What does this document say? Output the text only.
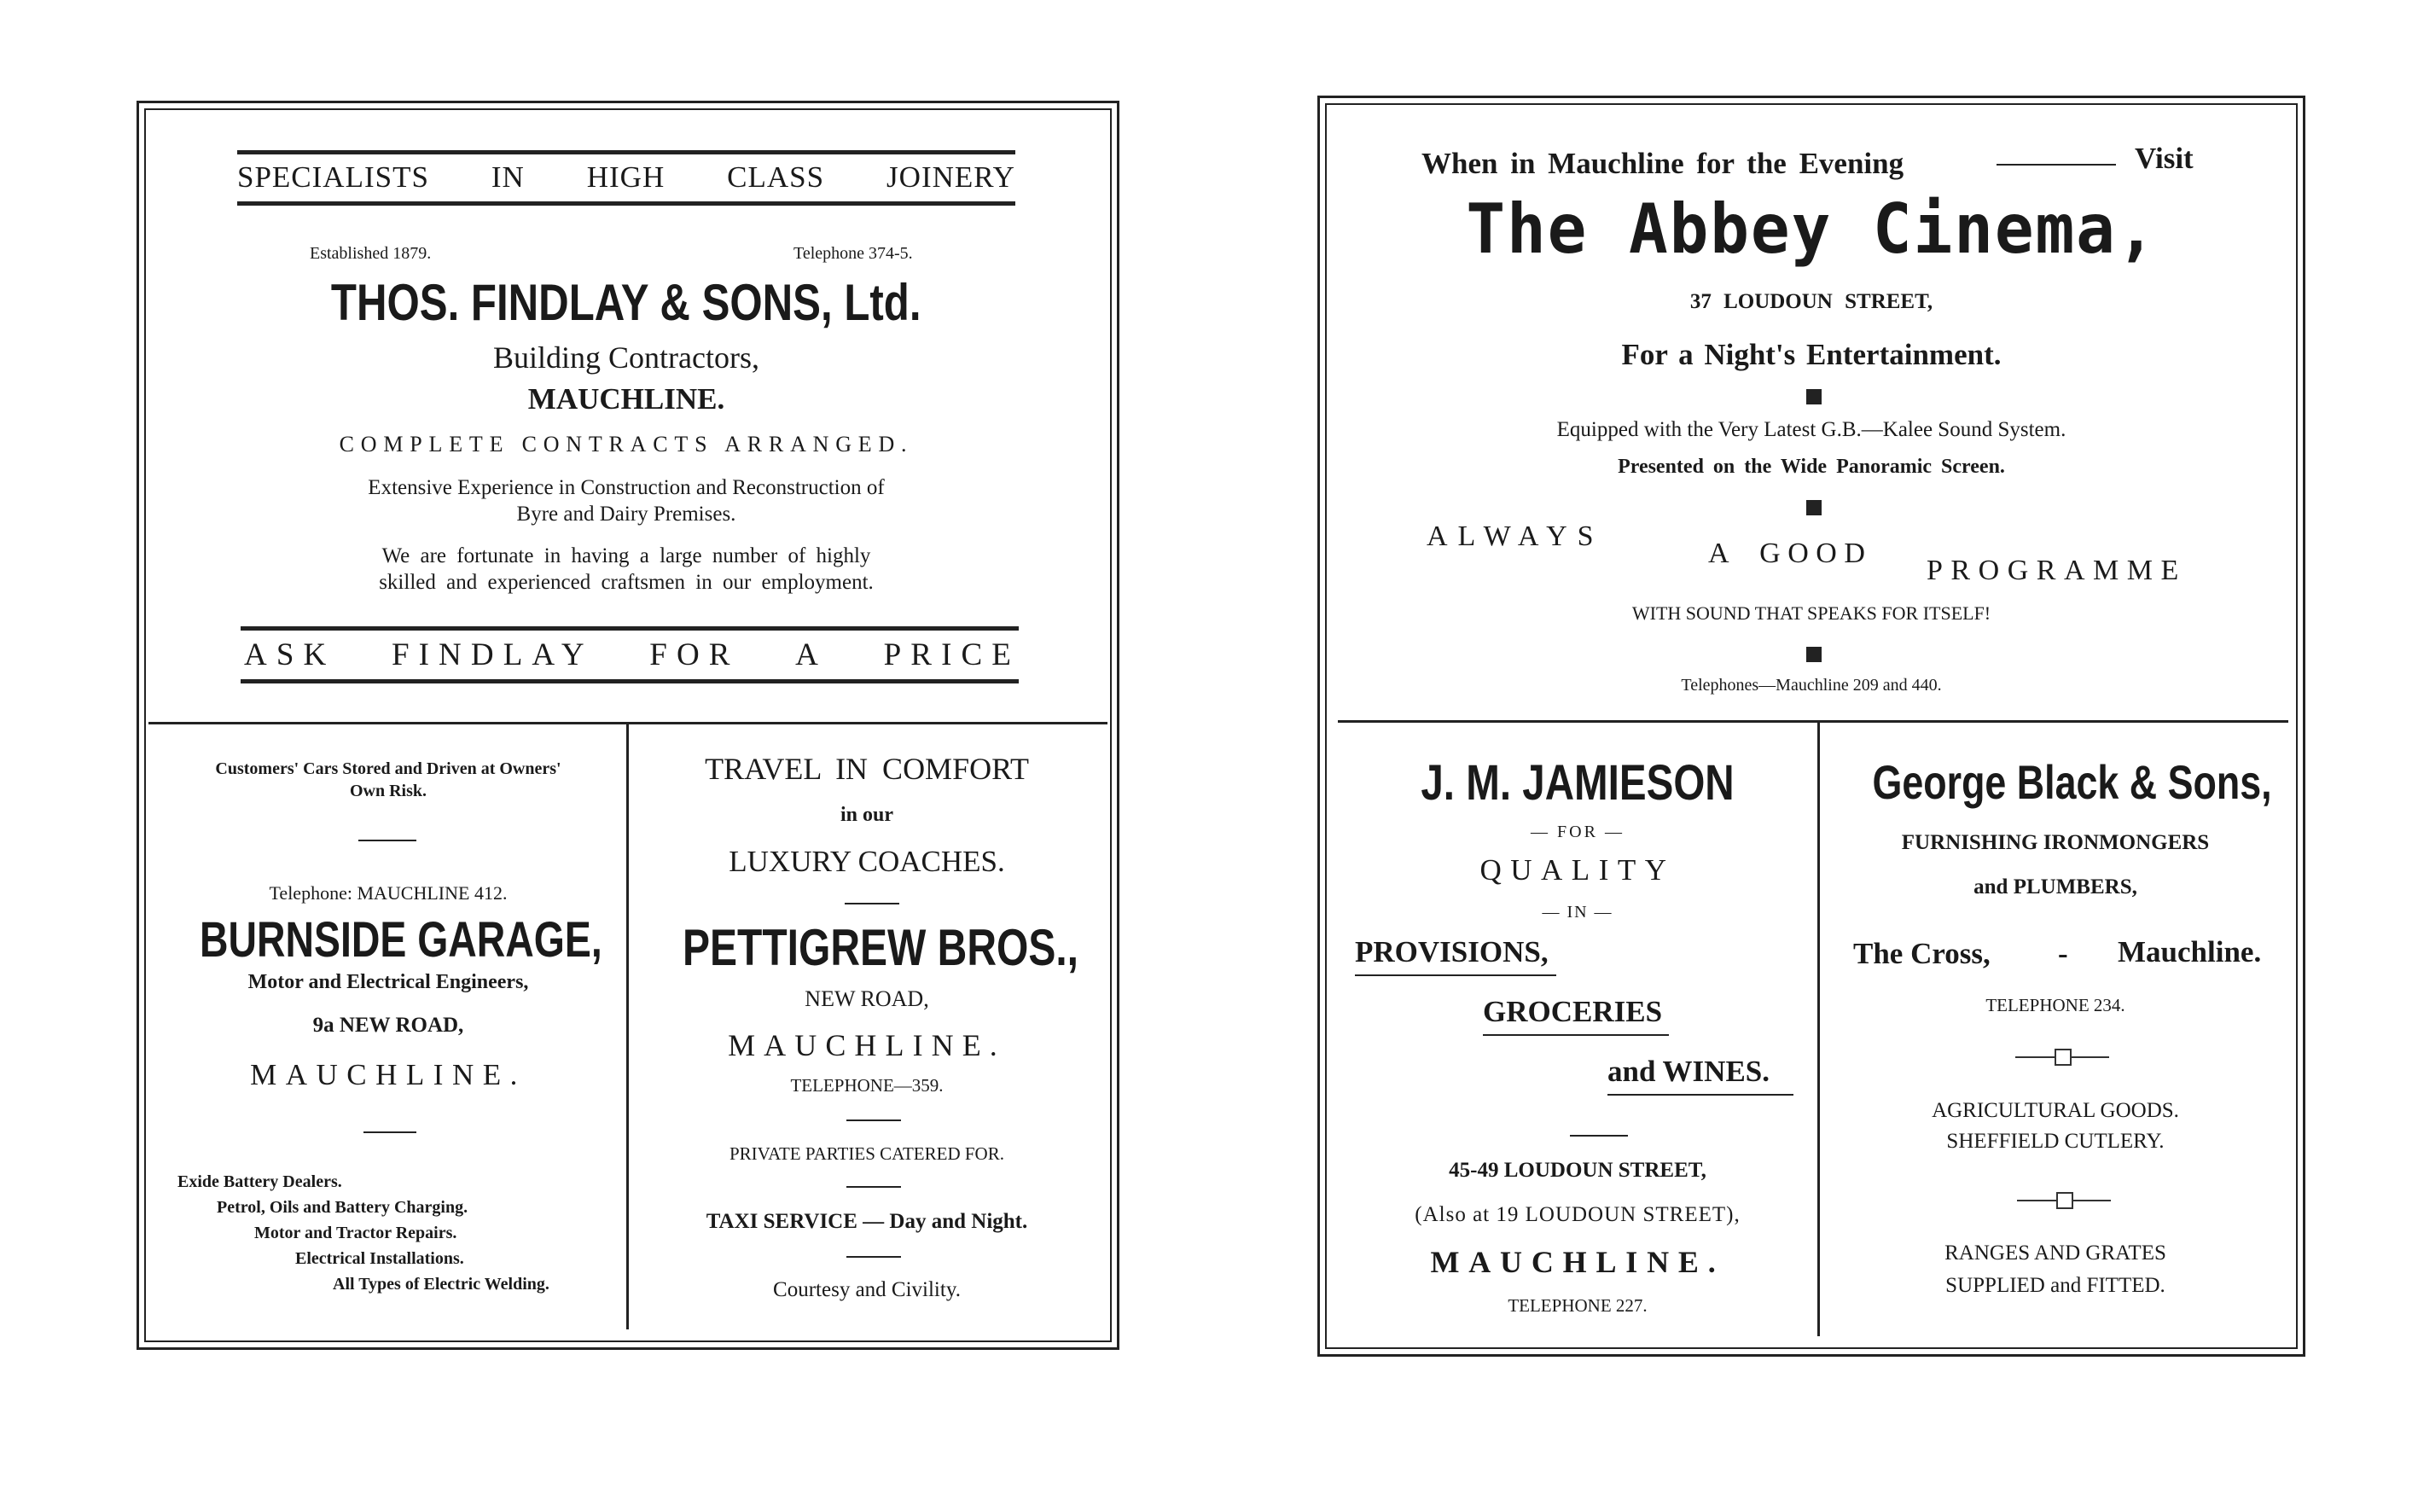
SPECIALISTS IN HIGH CLASS JOINERY
Established 1879.	Telephone 374-5.
THOS. FINDLAY & SONS, Ltd.
Building Contractors,
MAUCHLINE.
COMPLETE CONTRACTS ARRANGED.
Extensive Experience in Construction and Reconstruction of
Byre and Dairy Premises.
We are fortunate in having a large number of highly
skilled and experienced craftsmen in our employment.
ASK FINDLAY FOR A PRICE
Customers' Cars Stored and Driven at Owners'
Own Risk.
Telephone: MAUCHLINE 412.
BURNSIDE GARAGE,
Motor and Electrical Engineers,
9a NEW ROAD,
MAUCHLINE.
Exide Battery Dealers.
Petrol, Oils and Battery Charging.
Motor and Tractor Repairs.
Electrical Installations.
All Types of Electric Welding.
TRAVEL IN COMFORT
in our
LUXURY COACHES.
PETTIGREW BROS.,
NEW ROAD,
MAUCHLINE.
TELEPHONE—359.
PRIVATE PARTIES CATERED FOR.
TAXI SERVICE — Day and Night.
Courtesy and Civility.
When in Mauchline for the Evening	Visit
The Abbey Cinema,
37 LOUDOUN STREET,
For a Night's Entertainment.
Equipped with the Very Latest G.B.—Kalee Sound System.
Presented on the Wide Panoramic Screen.
ALWAYS
A GOOD
PROGRAMME
WITH SOUND THAT SPEAKS FOR ITSELF!
Telephones—Mauchline 209 and 440.
J. M. JAMIESON
— FOR —
QUALITY
— IN —
PROVISIONS,
GROCERIES
and WINES.
45-49 LOUDOUN STREET,
(Also at 19 LOUDOUN STREET),
MAUCHLINE.
TELEPHONE 227.
George Black & Sons,
FURNISHING IRONMONGERS
and PLUMBERS,
The Cross, - Mauchline.
TELEPHONE 234.
AGRICULTURAL GOODS.
SHEFFIELD CUTLERY.
RANGES AND GRATES
SUPPLIED and FITTED.
